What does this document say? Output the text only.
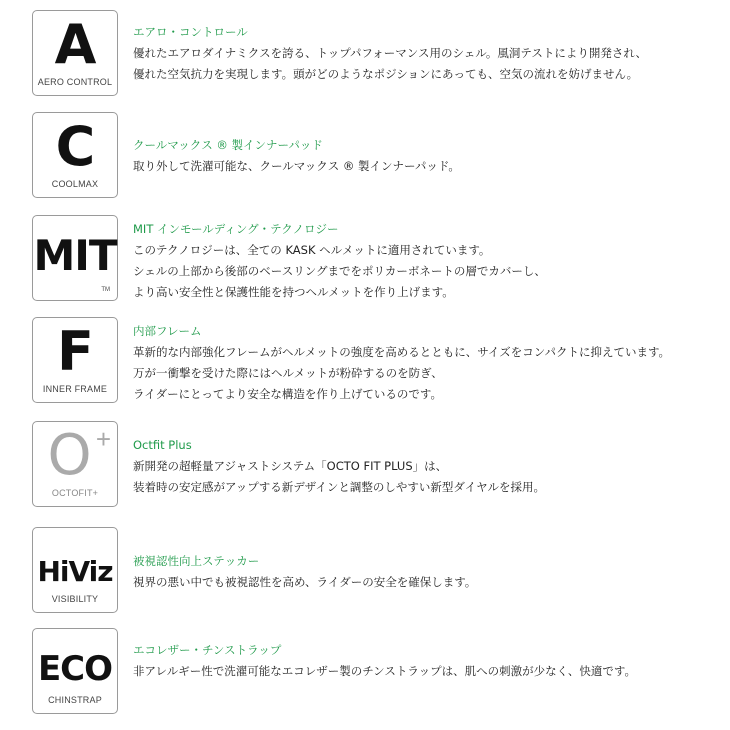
A
AERO CONTROL
エアロ・コントロール
優れたエアロダイナミクスを誇る、トップパフォーマンス用のシェル。風洞テストにより開発され、
優れた空気抗力を実現します。頭がどのようなポジションにあっても、空気の流れを妨げません。
C
COOLMAX
クールマックス ® 製インナーパッド
取り外して洗濯可能な、クールマックス ® 製インナーパッド。
MIT
TM
MIT インモールディング・テクノロジー
このテクノロジーは、全ての KASK ヘルメットに適用されています。
シェルの上部から後部のベースリングまでをポリカーボネートの層でカバーし、
より高い安全性と保護性能を持つヘルメットを作り上げます。
F
INNER FRAME
内部フレーム
革新的な内部強化フレームがヘルメットの強度を高めるとともに、サイズをコンパクトに抑えています。
万が一衝撃を受けた際にはヘルメットが粉砕するのを防ぎ、
ライダーにとってより安全な構造を作り上げているのです。
O +
OCTOFIT+
Octfit Plus
新開発の超軽量アジャストシステム「OCTO FIT PLUS」は、
装着時の安定感がアップする新デザインと調整のしやすい新型ダイヤルを採用。
HiViz
VISIBILITY
被視認性向上ステッカー
視界の悪い中でも被視認性を高め、ライダーの安全を確保します。
ECO
CHINSTRAP
エコレザー・チンストラップ
非アレルギー性で洗濯可能なエコレザー製のチンストラップは、肌への刺激が少なく、快適です。
